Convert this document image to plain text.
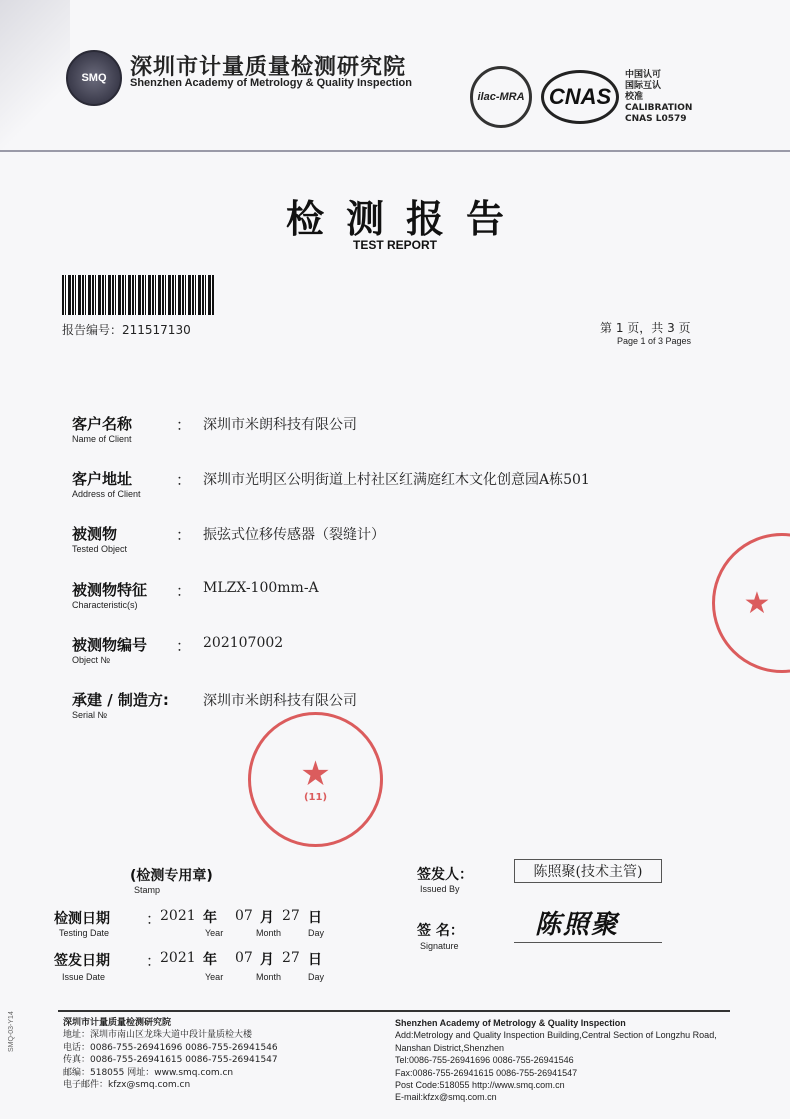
SMQ 深圳市计量质量检测研究院
Shenzhen Academy of Metrology & Quality Inspection
ilac-MRA CNAS
中国认可
国际互认
校准
CALIBRATION
CNAS L0579
检测报告
TEST REPORT
报告编号：211517130	第 1 页，共 3 页
Page 1 of 3 Pages
客户名称
Name of Client
： 深圳市米朗科技有限公司
客户地址
Address of Client
： 深圳市光明区公明街道上村社区红满庭红木文化创意园A栋501
被测物
Tested Object
： 振弦式位移传感器（裂缝计）
被测物特征
Characteristic(s)
： MLZX-100mm-A
被测物编号
Object №
： 202107002
承建 / 制造方:
Serial №
深圳市米朗科技有限公司
★
(11)
★
(检测专用章)
Stamp
签发人：
Issued By
陈照聚(技术主管)
检测日期
Testing Date
：
2021 年
Year
07 月
Month
27 日
Day
签发日期
Issue Date
：
2021 年
Year
07 月
Month
27 日
Day
签 名：
Signature
陈照聚
深圳市计量质量检测研究院
地址：深圳市南山区龙珠大道中段计量质检大楼
电话：0086-755-26941696 0086-755-26941546
传真：0086-755-26941615 0086-755-26941547
邮编：518055 网址：www.smq.com.cn
电子邮件：kfzx@smq.com.cn
Shenzhen Academy of Metrology & Quality Inspection
Add:Metrology and Quality Inspection Building,Central Section of Longzhu Road,
Nanshan District,Shenzhen
Tel:0086-755-26941696 0086-755-26941546
Fax:0086-755-26941615 0086-755-26941547
Post Code:518055 http://www.smq.com.cn
E-mail:kfzx@smq.com.cn
SMQ-03-Y14
